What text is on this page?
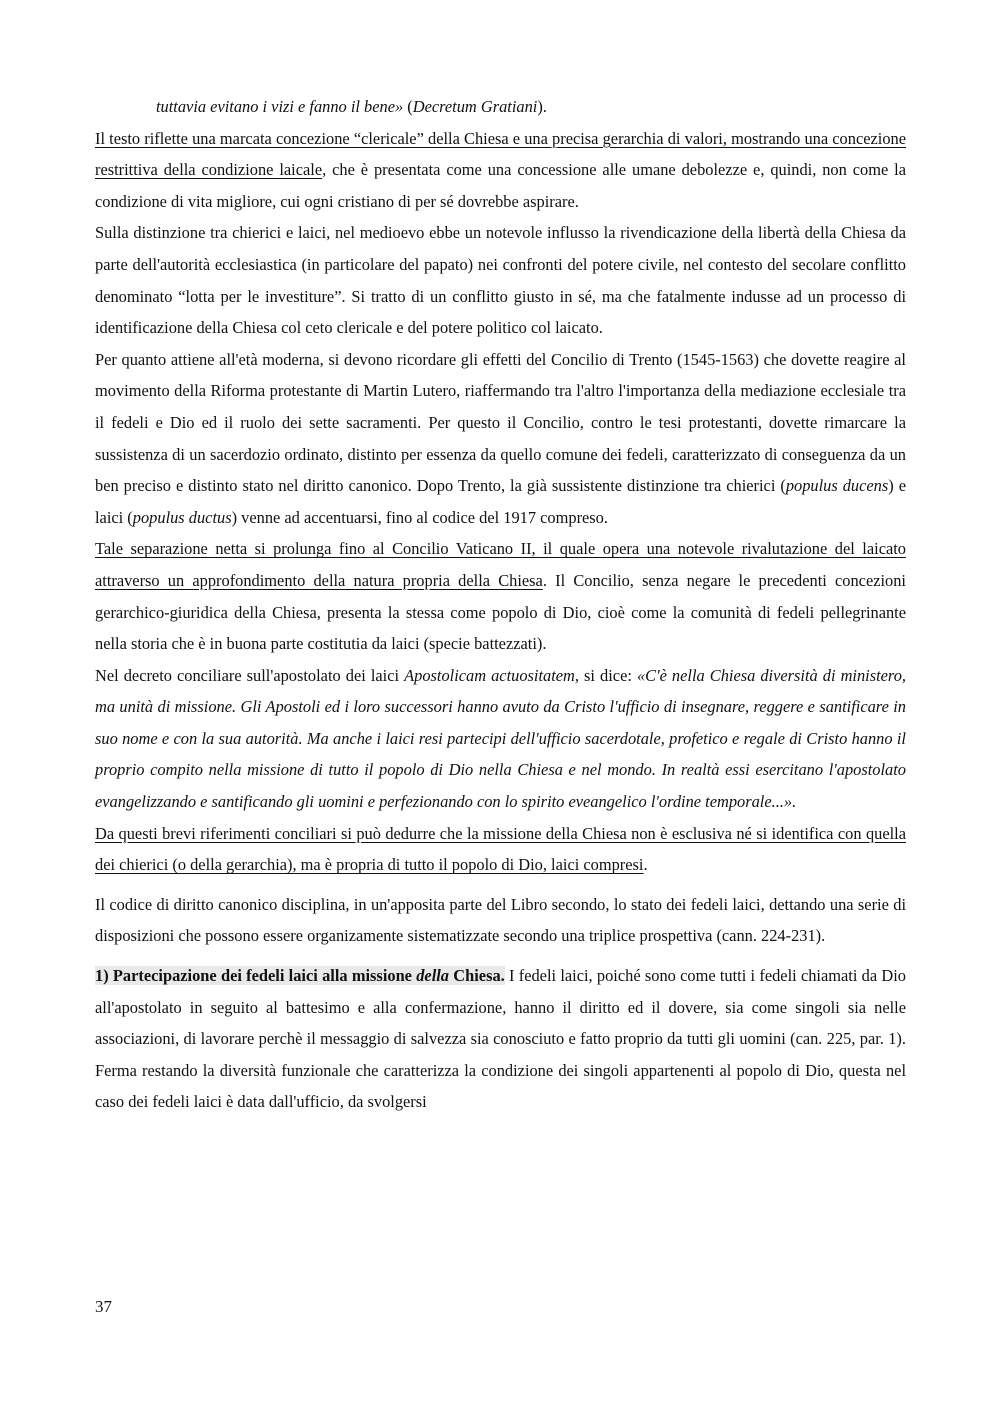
tuttavia evitano i vizi e fanno il bene» (Decretum Gratiani).

Il testo riflette una marcata concezione “clericale” della Chiesa e una precisa gerarchia di valori, mostrando una concezione restrittiva della condizione laicale, che è presentata come una concessione alle umane debolezze e, quindi, non come la condizione di vita migliore, cui ogni cristiano di per sé dovrebbe aspirare.

Sulla distinzione tra chierici e laici, nel medioevo ebbe un notevole influsso la rivendicazione della libertà della Chiesa da parte dell'autorità ecclesiastica (in particolare del papato) nei confronti del potere civile, nel contesto del secolare conflitto denominato “lotta per le investiture”. Si tratto di un conflitto giusto in sé, ma che fatalmente indusse ad un processo di identificazione della Chiesa col ceto clericale e del potere politico col laicato.

Per quanto attiene all'età moderna, si devono ricordare gli effetti del Concilio di Trento (1545-1563) che dovette reagire al movimento della Riforma protestante di Martin Lutero, riaffermando tra l'altro l'importanza della mediazione ecclesiale tra il fedeli e Dio ed il ruolo dei sette sacramenti. Per questo il Concilio, contro le tesi protestanti, dovette rimarcare la sussistenza di un sacerdozio ordinato, distinto per essenza da quello comune dei fedeli, caratterizzato di conseguenza da un ben preciso e distinto stato nel diritto canonico. Dopo Trento, la già sussistente distinzione tra chierici (populus ducens) e laici (populus ductus) venne ad accentuarsi, fino al codice del 1917 compreso.

Tale separazione netta si prolunga fino al Concilio Vaticano II, il quale opera una notevole rivalutazione del laicato attraverso un approfondimento della natura propria della Chiesa. Il Concilio, senza negare le precedenti concezioni gerarchico-giuridica della Chiesa, presenta la stessa come popolo di Dio, cioè come la comunità di fedeli pellegrinante nella storia che è in buona parte costitutia da laici (specie battezzati).

Nel decreto conciliare sull'apostolato dei laici Apostolicam actuositatem, si dice: «C'è nella Chiesa diversità di ministero, ma unità di missione. Gli Apostoli ed i loro successori hanno avuto da Cristo l'ufficio di insegnare, reggere e santificare in suo nome e con la sua autorità. Ma anche i laici resi partecipi dell'ufficio sacerdotale, profetico e regale di Cristo hanno il proprio compito nella missione di tutto il popolo di Dio nella Chiesa e nel mondo. In realtà essi esercitano l'apostolato evangelizzando e santificando gli uomini e perfezionando con lo spirito eveangelico l'ordine temporale...».

Da questi brevi riferimenti conciliari si può dedurre che la missione della Chiesa non è esclusiva né si identifica con quella dei chierici (o della gerarchia), ma è propria di tutto il popolo di Dio, laici compresi.

Il codice di diritto canonico disciplina, in un'apposita parte del Libro secondo, lo stato dei fedeli laici, dettando una serie di disposizioni che possono essere organizamente sistematizzate secondo una triplice prospettiva (cann. 224-231).

1) Partecipazione dei fedeli laici alla missione della Chiesa. I fedeli laici, poiché sono come tutti i fedeli chiamati da Dio all'apostolato in seguito al battesimo e alla confermazione, hanno il diritto ed il dovere, sia come singoli sia nelle associazioni, di lavorare perchè il messaggio di salvezza sia conosciuto e fatto proprio da tutti gli uomini (can. 225, par. 1). Ferma restando la diversità funzionale che caratterizza la condizione dei singoli appartenenti al popolo di Dio, questa nel caso dei fedeli laici è data dall'ufficio, da svolgersi

37
